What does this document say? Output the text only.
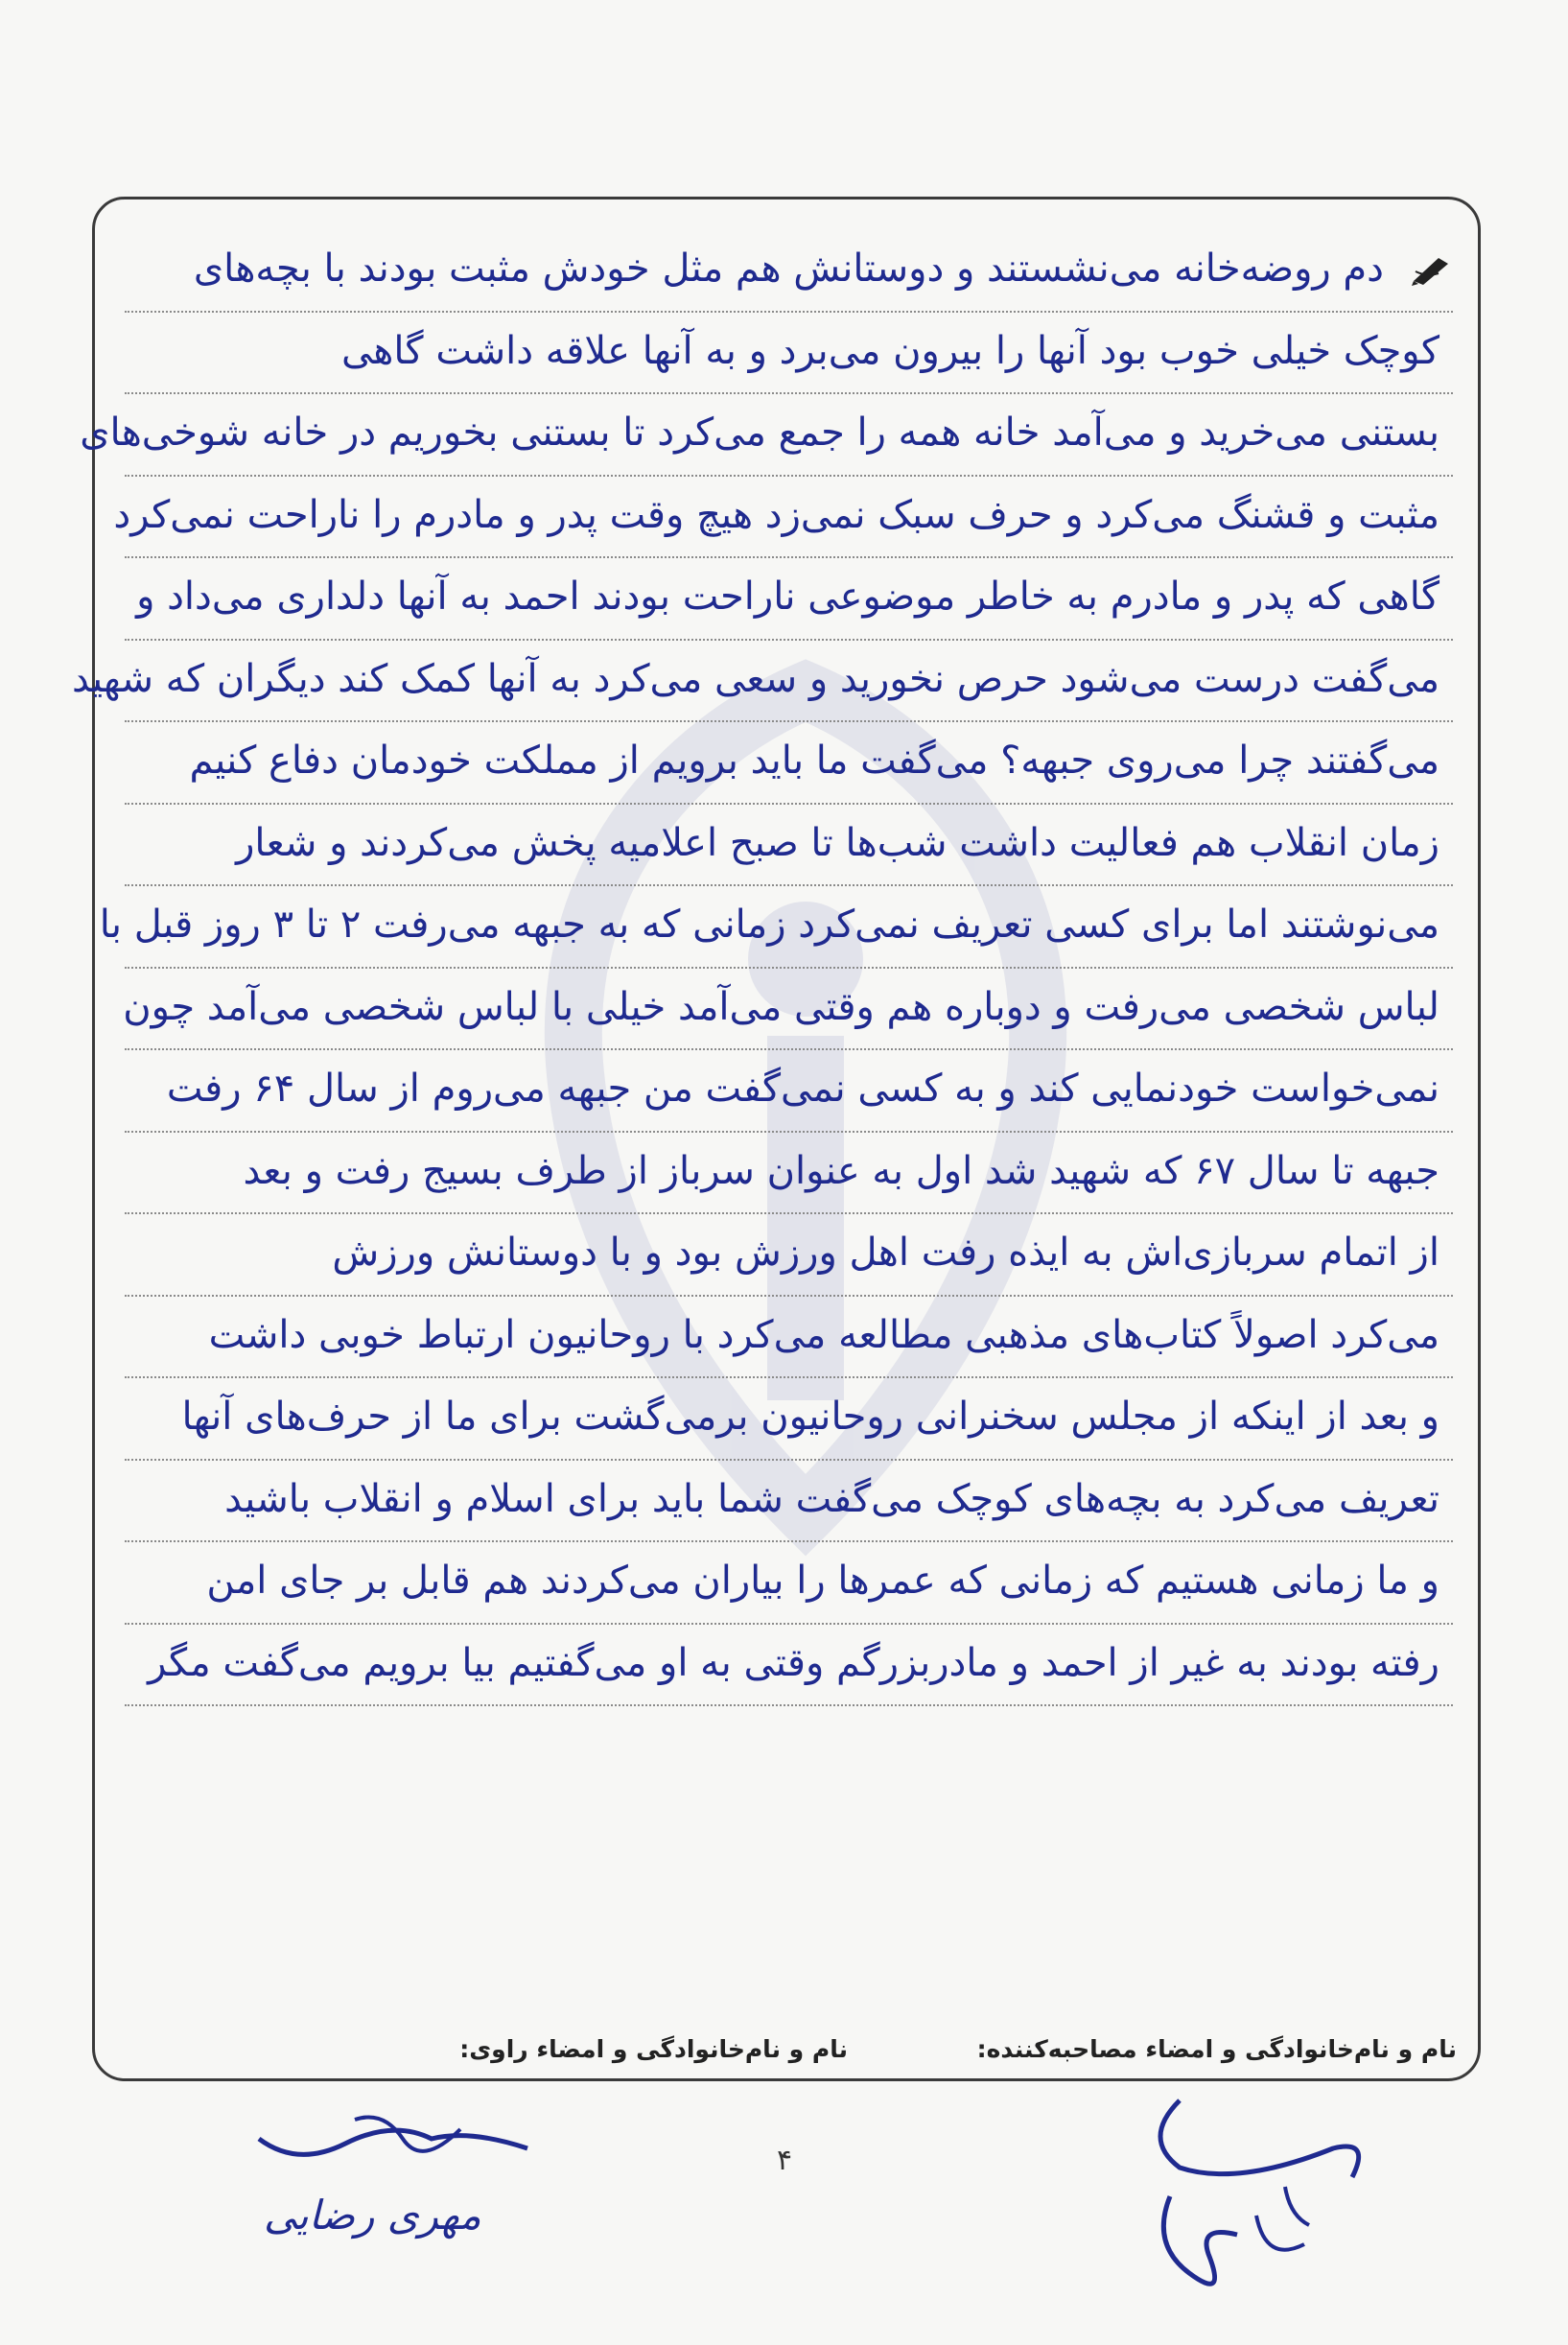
دم روضه‌خانه می‌نشستند و دوستانش هم مثل خودش مثبت بودند با بچه‌های
کوچک خیلی خوب بود آنها را بیرون می‌برد و به آنها علاقه داشت گاهی
بستنی می‌خرید و می‌آمد خانه همه را جمع می‌کرد تا بستنی بخوریم در خانه شوخی‌های
مثبت و قشنگ می‌کرد و حرف سبک نمی‌زد هیچ وقت پدر و مادرم را ناراحت نمی‌کرد
گاهی که پدر و مادرم به خاطر موضوعی ناراحت بودند احمد به آنها دلداری می‌داد و
می‌گفت درست می‌شود حرص نخورید و سعی می‌کرد به آنها کمک کند دیگران که شهید
می‌گفتند چرا می‌روی جبهه؟ می‌گفت ما باید برویم از مملکت خودمان دفاع کنیم
زمان انقلاب هم فعالیت داشت شب‌ها تا صبح اعلامیه پخش می‌کردند و شعار
می‌نوشتند اما برای کسی تعریف نمی‌کرد زمانی که به جبهه می‌رفت ۲ تا ۳ روز قبل با
لباس شخصی می‌رفت و دوباره هم وقتی می‌آمد خیلی با لباس شخصی می‌آمد چون
نمی‌خواست خودنمایی کند و به کسی نمی‌گفت من جبهه می‌روم از سال ۶۴ رفت
جبهه تا سال ۶۷ که شهید شد اول به عنوان سرباز از طرف بسیج رفت و بعد
از اتمام سربازی‌اش به ایذه رفت اهل ورزش بود و با دوستانش ورزش
می‌کرد اصولاً کتاب‌های مذهبی مطالعه می‌کرد با روحانیون ارتباط خوبی داشت
و بعد از اینکه از مجلس سخنرانی روحانیون برمی‌گشت برای ما از حرف‌های آنها
تعریف می‌کرد به بچه‌های کوچک می‌گفت شما باید برای اسلام و انقلاب باشید
و ما زمانی هستیم که زمانی که عمرها را بیاران می‌کردند هم قابل بر جای امن
رفته بودند به غیر از احمد و مادربزرگم وقتی به او می‌گفتیم بیا برویم می‌گفت مگر
نام و نام‌خانوادگی و امضاء مصاحبه‌کننده:
نام و نام‌خانوادگی و امضاء راوی:
۴
مهری رضایی
